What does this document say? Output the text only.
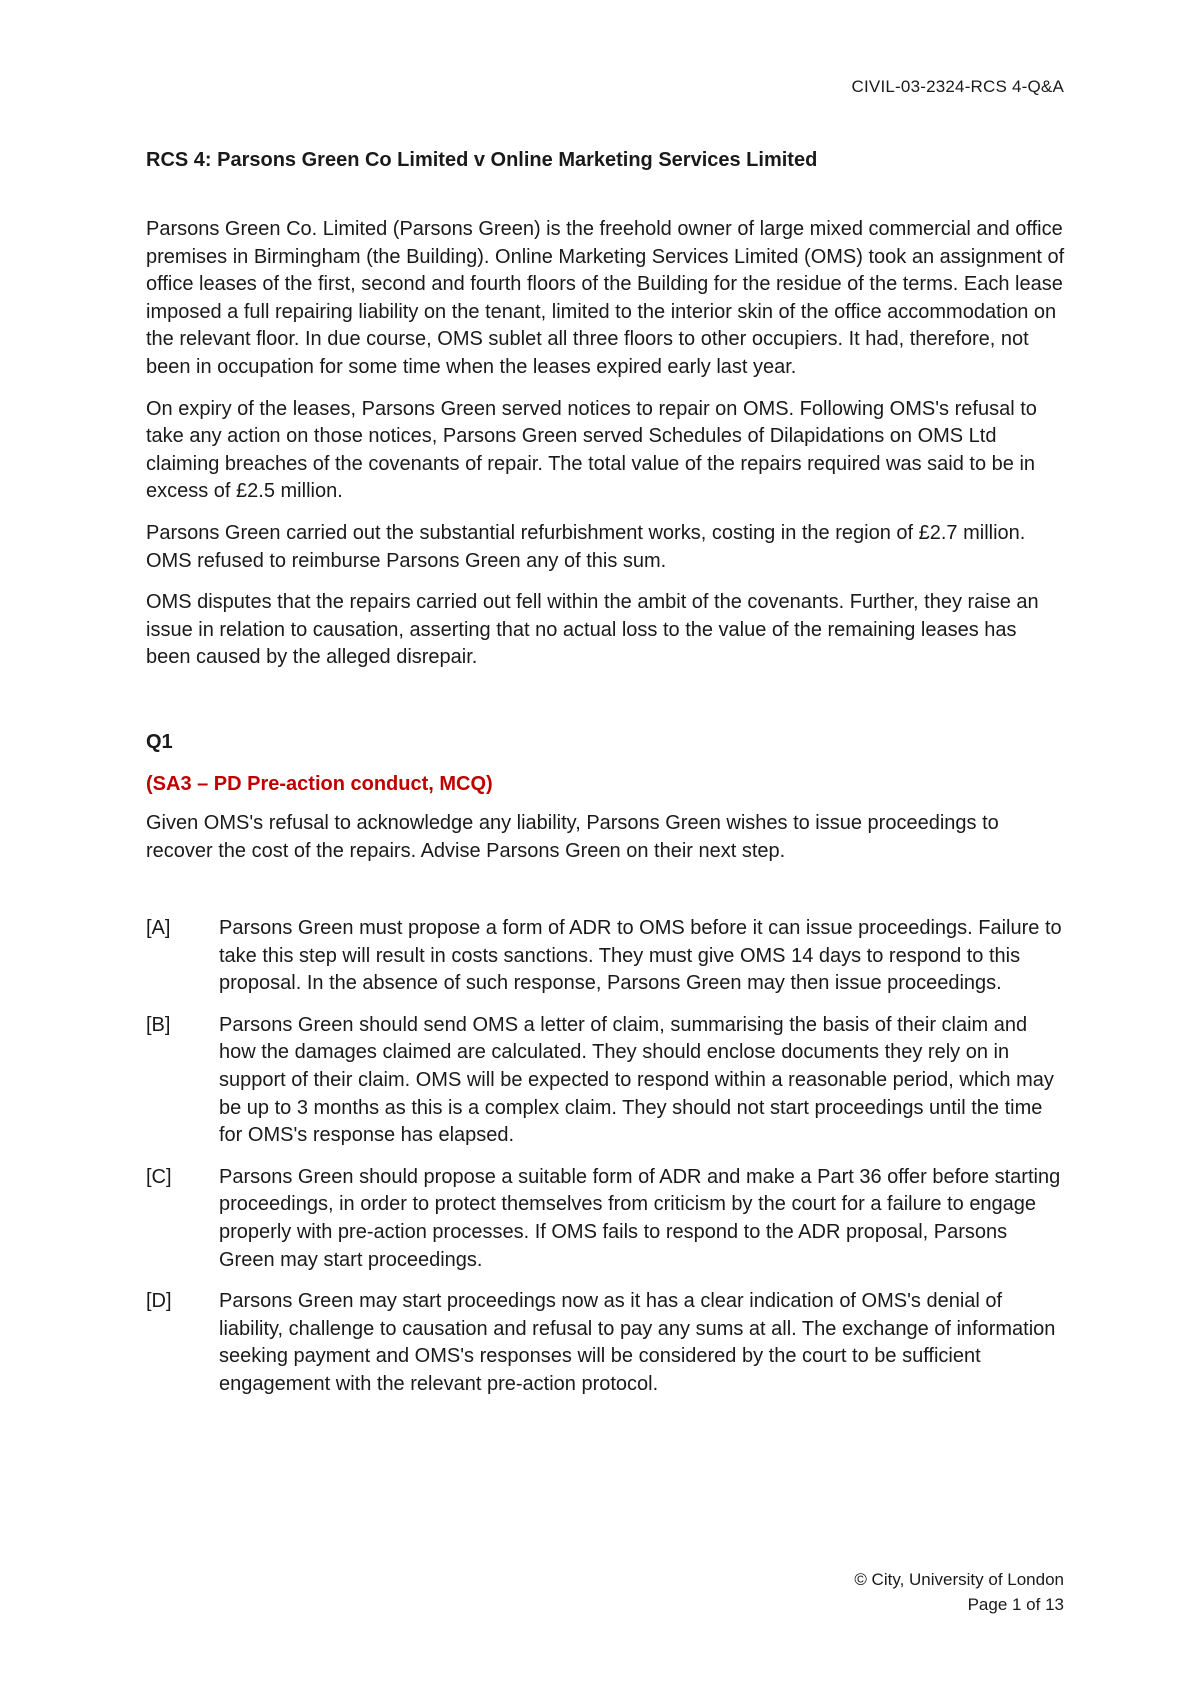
CIVIL-03-2324-RCS 4-Q&A
RCS 4: Parsons Green Co Limited v Online Marketing Services Limited

Parsons Green Co. Limited (Parsons Green) is the freehold owner of large mixed commercial and office premises in Birmingham (the Building). Online Marketing Services Limited (OMS) took an assignment of office leases of the first, second and fourth floors of the Building for the residue of the terms. Each lease imposed a full repairing liability on the tenant, limited to the interior skin of the office accommodation on the relevant floor. In due course, OMS sublet all three floors to other occupiers. It had, therefore, not been in occupation for some time when the leases expired early last year.

On expiry of the leases, Parsons Green served notices to repair on OMS. Following OMS's refusal to take any action on those notices, Parsons Green served Schedules of Dilapidations on OMS Ltd claiming breaches of the covenants of repair. The total value of the repairs required was said to be in excess of £2.5 million.

Parsons Green carried out the substantial refurbishment works, costing in the region of £2.7 million. OMS refused to reimburse Parsons Green any of this sum.

OMS disputes that the repairs carried out fell within the ambit of the covenants. Further, they raise an issue in relation to causation, asserting that no actual loss to the value of the remaining leases has been caused by the alleged disrepair.

Q1
(SA3 – PD Pre-action conduct, MCQ)

Given OMS's refusal to acknowledge any liability, Parsons Green wishes to issue proceedings to recover the cost of the repairs. Advise Parsons Green on their next step.

[A]	Parsons Green must propose a form of ADR to OMS before it can issue proceedings. Failure to take this step will result in costs sanctions. They must give OMS 14 days to respond to this proposal. In the absence of such response, Parsons Green may then issue proceedings.
[B]	Parsons Green should send OMS a letter of claim, summarising the basis of their claim and how the damages claimed are calculated. They should enclose documents they rely on in support of their claim. OMS will be expected to respond within a reasonable period, which may be up to 3 months as this is a complex claim. They should not start proceedings until the time for OMS's response has elapsed.
[C]	Parsons Green should propose a suitable form of ADR and make a Part 36 offer before starting proceedings, in order to protect themselves from criticism by the court for a failure to engage properly with pre-action processes. If OMS fails to respond to the ADR proposal, Parsons Green may start proceedings.
[D]	Parsons Green may start proceedings now as it has a clear indication of OMS's denial of liability, challenge to causation and refusal to pay any sums at all. The exchange of information seeking payment and OMS's responses will be considered by the court to be sufficient engagement with the relevant pre-action protocol.
© City, University of London
Page 1 of 13
